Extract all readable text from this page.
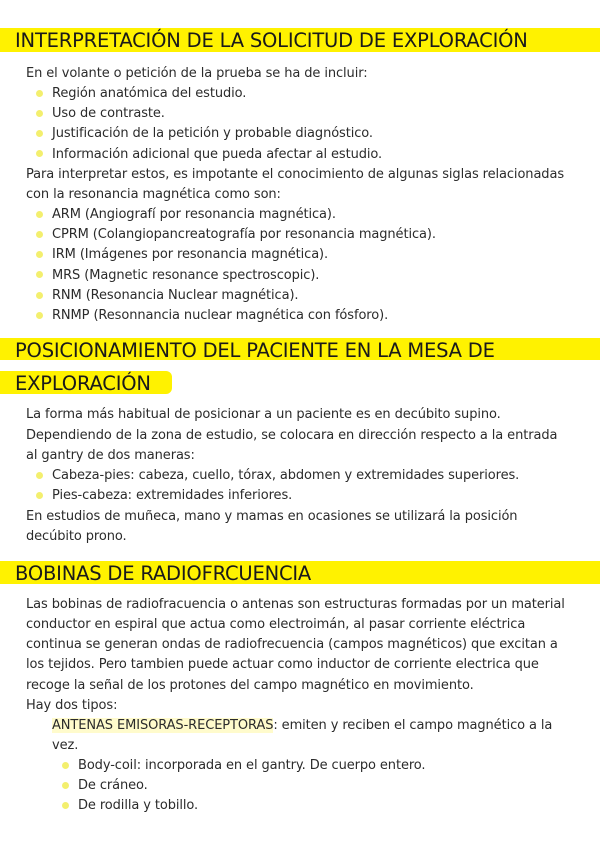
INTERPRETACIÓN DE LA SOLICITUD DE EXPLORACIÓN
En el volante o petición de la prueba se ha de incluir:
Región anatómica del estudio.
Uso de contraste.
Justificación de la petición y probable diagnóstico.
Información adicional que pueda afectar al estudio.
Para interpretar estos, es impotante el conocimiento de algunas siglas relacionadas
con la resonancia magnética como son:
ARM (Angiografí por resonancia magnética).
CPRM (Colangiopancreatografía por resonancia magnética).
IRM (Imágenes por resonancia magnética).
MRS (Magnetic resonance spectroscopic).
RNM (Resonancia Nuclear magnética).
RNMP (Resonnancia nuclear magnética con fósforo).
POSICIONAMIENTO DEL PACIENTE EN LA MESA DE
EXPLORACIÓN
La forma más habitual de posicionar a un paciente es en decúbito supino.
Dependiendo de la zona de estudio, se colocara en dirección respecto a la entrada
al gantry de dos maneras:
Cabeza-pies: cabeza, cuello, tórax, abdomen y extremidades superiores.
Pies-cabeza: extremidades inferiores.
En estudios de muñeca, mano y mamas en ocasiones se utilizará la posición
decúbito prono.
BOBINAS DE RADIOFRCUENCIA
Las bobinas de radiofracuencia o antenas son estructuras formadas por un material
conductor en espiral que actua como electroimán, al pasar corriente eléctrica
continua se generan ondas de radiofrecuencia (campos magnéticos) que excitan a
los tejidos. Pero tambien puede actuar como inductor de corriente electrica que
recoge la señal de los protones del campo magnético en movimiento.
Hay dos tipos:
ANTENAS EMISORAS-RECEPTORAS: emiten y reciben el campo magnético a la
vez.
Body-coil: incorporada en el gantry. De cuerpo entero.
De cráneo.
De rodilla y tobillo.
